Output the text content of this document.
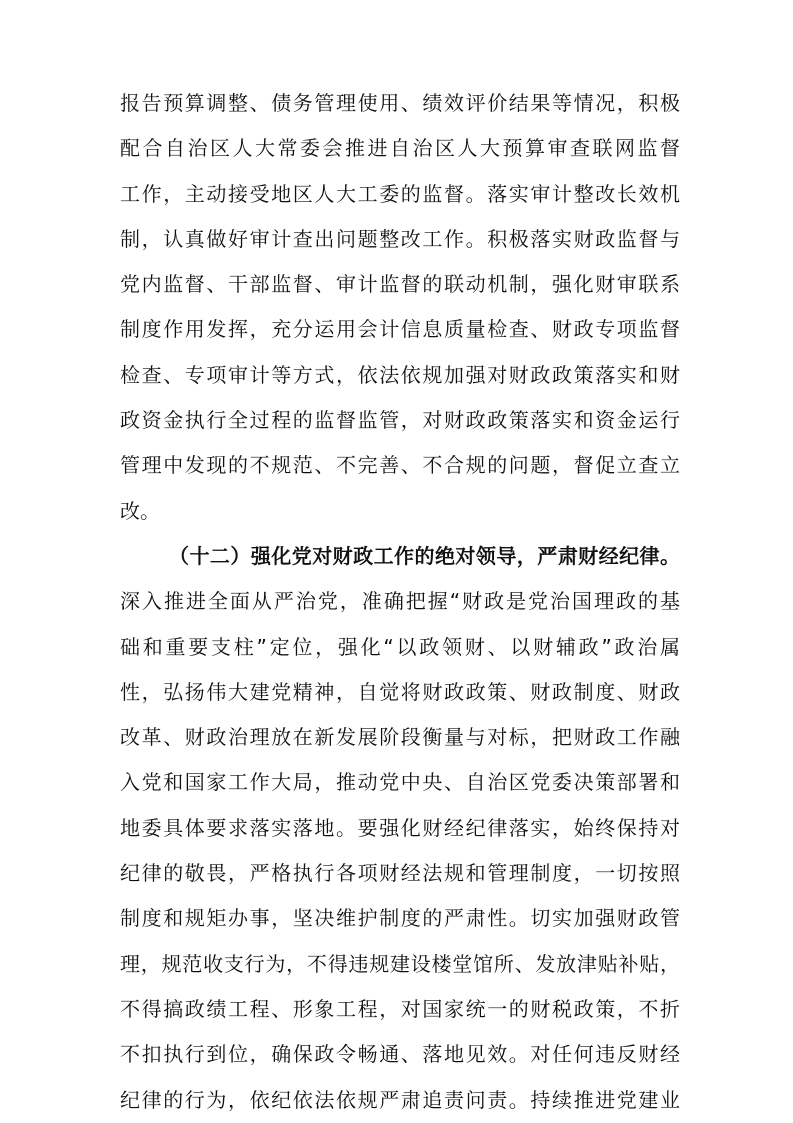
报告预算调整、债务管理使用、绩效评价结果等情况，积极
配合自治区人大常委会推进自治区人大预算审查联网监督
工作，主动接受地区人大工委的监督。落实审计整改长效机
制，认真做好审计查出问题整改工作。积极落实财政监督与
党内监督、干部监督、审计监督的联动机制，强化财审联系
制度作用发挥，充分运用会计信息质量检查、财政专项监督
检查、专项审计等方式，依法依规加强对财政政策落实和财
政资金执行全过程的监督监管，对财政政策落实和资金运行
管理中发现的不规范、不完善、不合规的问题，督促立查立
改。
（十二）强化党对财政工作的绝对领导，严肃财经纪律。
深入推进全面从严治党，准确把握“财政是党治国理政的基
础和重要支柱”定位，强化“以政领财、以财辅政”政治属
性，弘扬伟大建党精神，自觉将财政政策、财政制度、财政
改革、财政治理放在新发展阶段衡量与对标，把财政工作融
入党和国家工作大局，推动党中央、自治区党委决策部署和
地委具体要求落实落地。要强化财经纪律落实，始终保持对
纪律的敬畏，严格执行各项财经法规和管理制度，一切按照
制度和规矩办事，坚决维护制度的严肃性。切实加强财政管
理，规范收支行为，不得违规建设楼堂馆所、发放津贴补贴，
不得搞政绩工程、形象工程，对国家统一的财税政策，不折
不扣执行到位，确保政令畅通、落地见效。对任何违反财经
纪律的行为，依纪依法依规严肃追责问责。持续推进党建业
